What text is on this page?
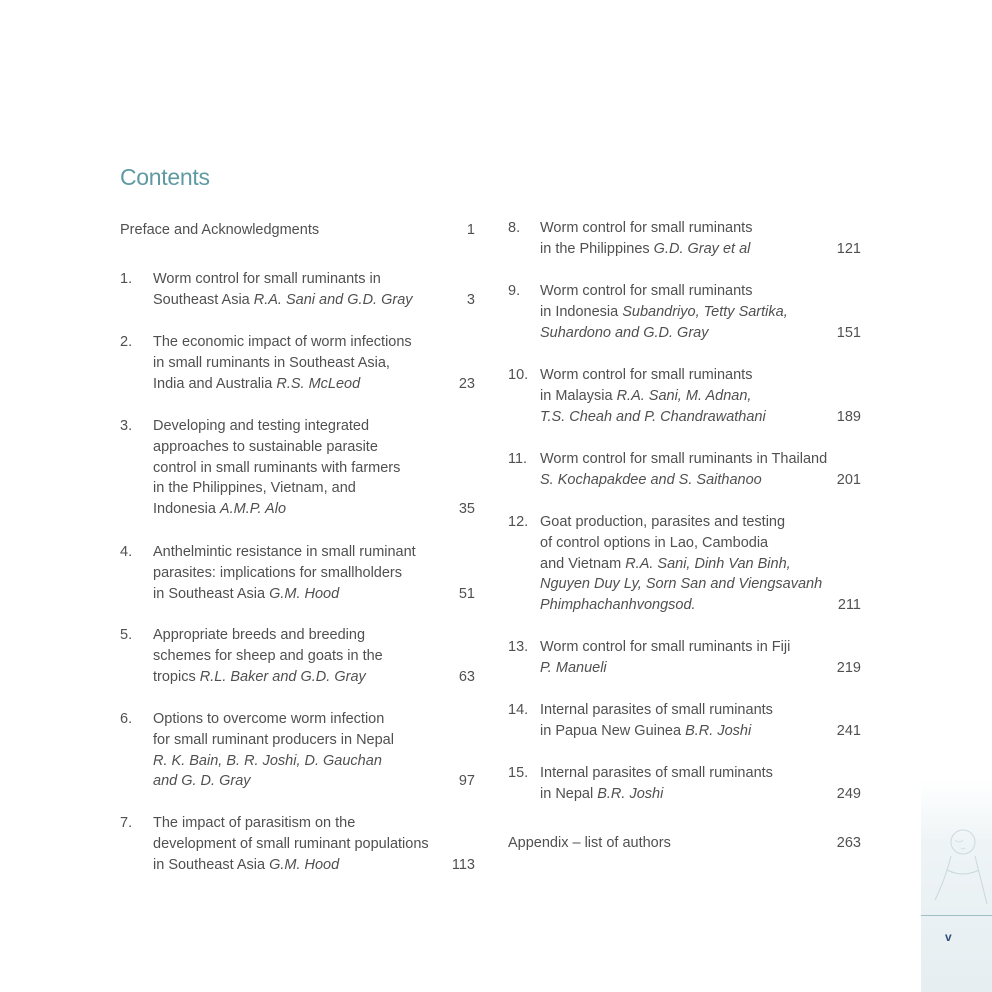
Contents
Preface and Acknowledgments	1
1. Worm control for small ruminants in
Southeast Asia R.A. Sani and G.D. Gray	3
2. The economic impact of worm infections
in small ruminants in Southeast Asia,
India and Australia R.S. McLeod	23
3. Developing and testing integrated
approaches to sustainable parasite
control in small ruminants with farmers
in the Philippines, Vietnam, and
Indonesia A.M.P. Alo	35
4. Anthelmintic resistance in small ruminant
parasites: implications for smallholders
in Southeast Asia G.M. Hood	51
5. Appropriate breeds and breeding
schemes for sheep and goats in the
tropics R.L. Baker and G.D. Gray	63
6. Options to overcome worm infection
for small ruminant producers in Nepal
R. K. Bain, B. R. Joshi, D. Gauchan
and G. D. Gray	97
7. The impact of parasitism on the
development of small ruminant populations
in Southeast Asia G.M. Hood	113
8. Worm control for small ruminants
in the Philippines G.D. Gray et al	121
9. Worm control for small ruminants
in Indonesia Subandriyo, Tetty Sartika,
Suhardono and G.D. Gray	151
10. Worm control for small ruminants
in Malaysia R.A. Sani, M. Adnan,
T.S. Cheah and P. Chandrawathani	189
11. Worm control for small ruminants in Thailand
S. Kochapakdee and S. Saithanoo	201
12. Goat production, parasites and testing
of control options in Lao, Cambodia
and Vietnam R.A. Sani, Dinh Van Binh,
Nguyen Duy Ly, Sorn San and Viengsavanh
Phimphachanhvongsod.	211
13. Worm control for small ruminants in Fiji
P. Manueli	219
14. Internal parasites of small ruminants
in Papua New Guinea B.R. Joshi	241
15. Internal parasites of small ruminants
in Nepal B.R. Joshi	249
Appendix – list of authors	263
v
